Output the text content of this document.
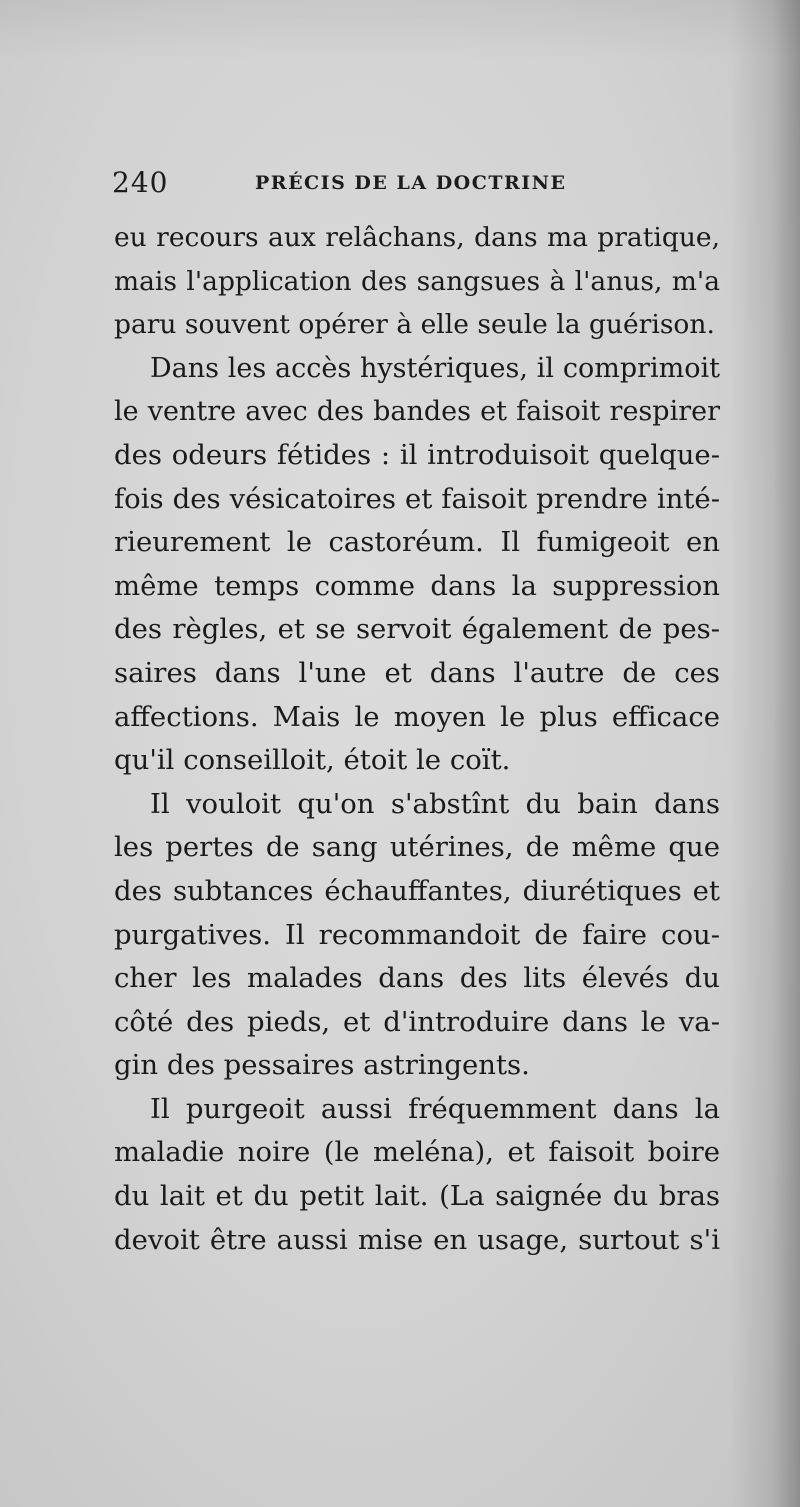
240	PRÉCIS DE LA DOCTRINE
eu recours aux relâchans, dans ma pratique,
mais l'application des sangsues à l'anus, m'a
paru souvent opérer à elle seule la guérison.
Dans les accès hystériques, il comprimoit
le ventre avec des bandes et faisoit respirer
des odeurs fétides : il introduisoit quelque-
fois des vésicatoires et faisoit prendre inté-
rieurement le castoréum. Il fumigeoit en
même temps comme dans la suppression
des règles, et se servoit également de pes-
saires dans l'une et dans l'autre de ces
affections. Mais le moyen le plus efficace
qu'il conseilloit, étoit le coït.
Il vouloit qu'on s'abstînt du bain dans
les pertes de sang utérines, de même que
des subtances échauffantes, diurétiques et
purgatives. Il recommandoit de faire cou-
cher les malades dans des lits élevés du
côté des pieds, et d'introduire dans le va-
gin des pessaires astringents.
Il purgeoit aussi fréquemment dans la
maladie noire (le meléna), et faisoit boire
du lait et du petit lait. (La saignée du bras
devoit être aussi mise en usage, surtout s'i
